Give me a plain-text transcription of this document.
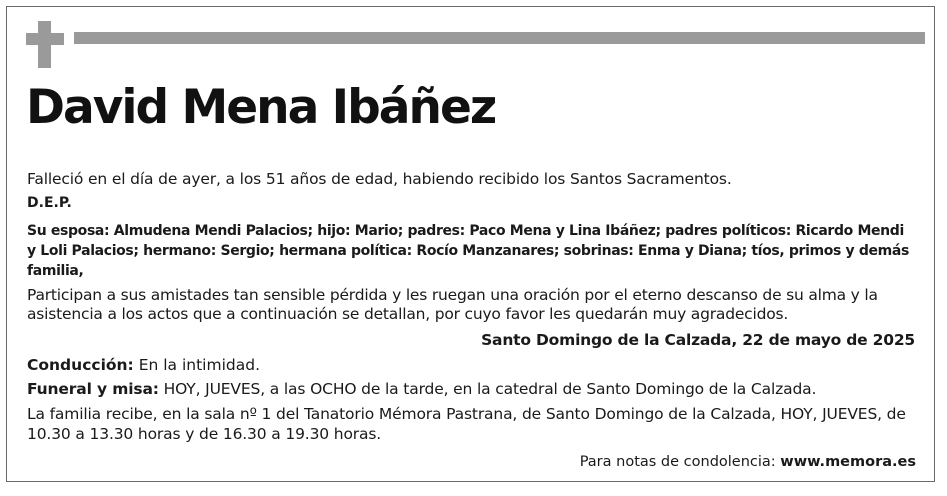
David Mena Ibáñez
Falleció en el día de ayer, a los 51 años de edad, habiendo recibido los Santos Sacramentos.
D.E.P.
Su esposa: Almudena Mendi Palacios; hijo: Mario; padres: Paco Mena y Lina Ibáñez; padres políticos: Ricardo Mendi y Loli Palacios; hermano: Sergio; hermana política: Rocío Manzanares; sobrinas: Enma y Diana; tíos, primos y demás familia,
Participan a sus amistades tan sensible pérdida y les ruegan una oración por el eterno descanso de su alma y la asistencia a los actos que a continuación se detallan, por cuyo favor les quedarán muy agradecidos.
Santo Domingo de la Calzada, 22 de mayo de 2025
Conducción: En la intimidad.
Funeral y misa: HOY, JUEVES, a las OCHO de la tarde, en la catedral de Santo Domingo de la Calzada.
La familia recibe, en la sala nº 1 del Tanatorio Mémora Pastrana, de Santo Domingo de la Calzada, HOY, JUEVES, de 10.30 a 13.30 horas y de 16.30 a 19.30 horas.
Para notas de condolencia: www.memora.es
